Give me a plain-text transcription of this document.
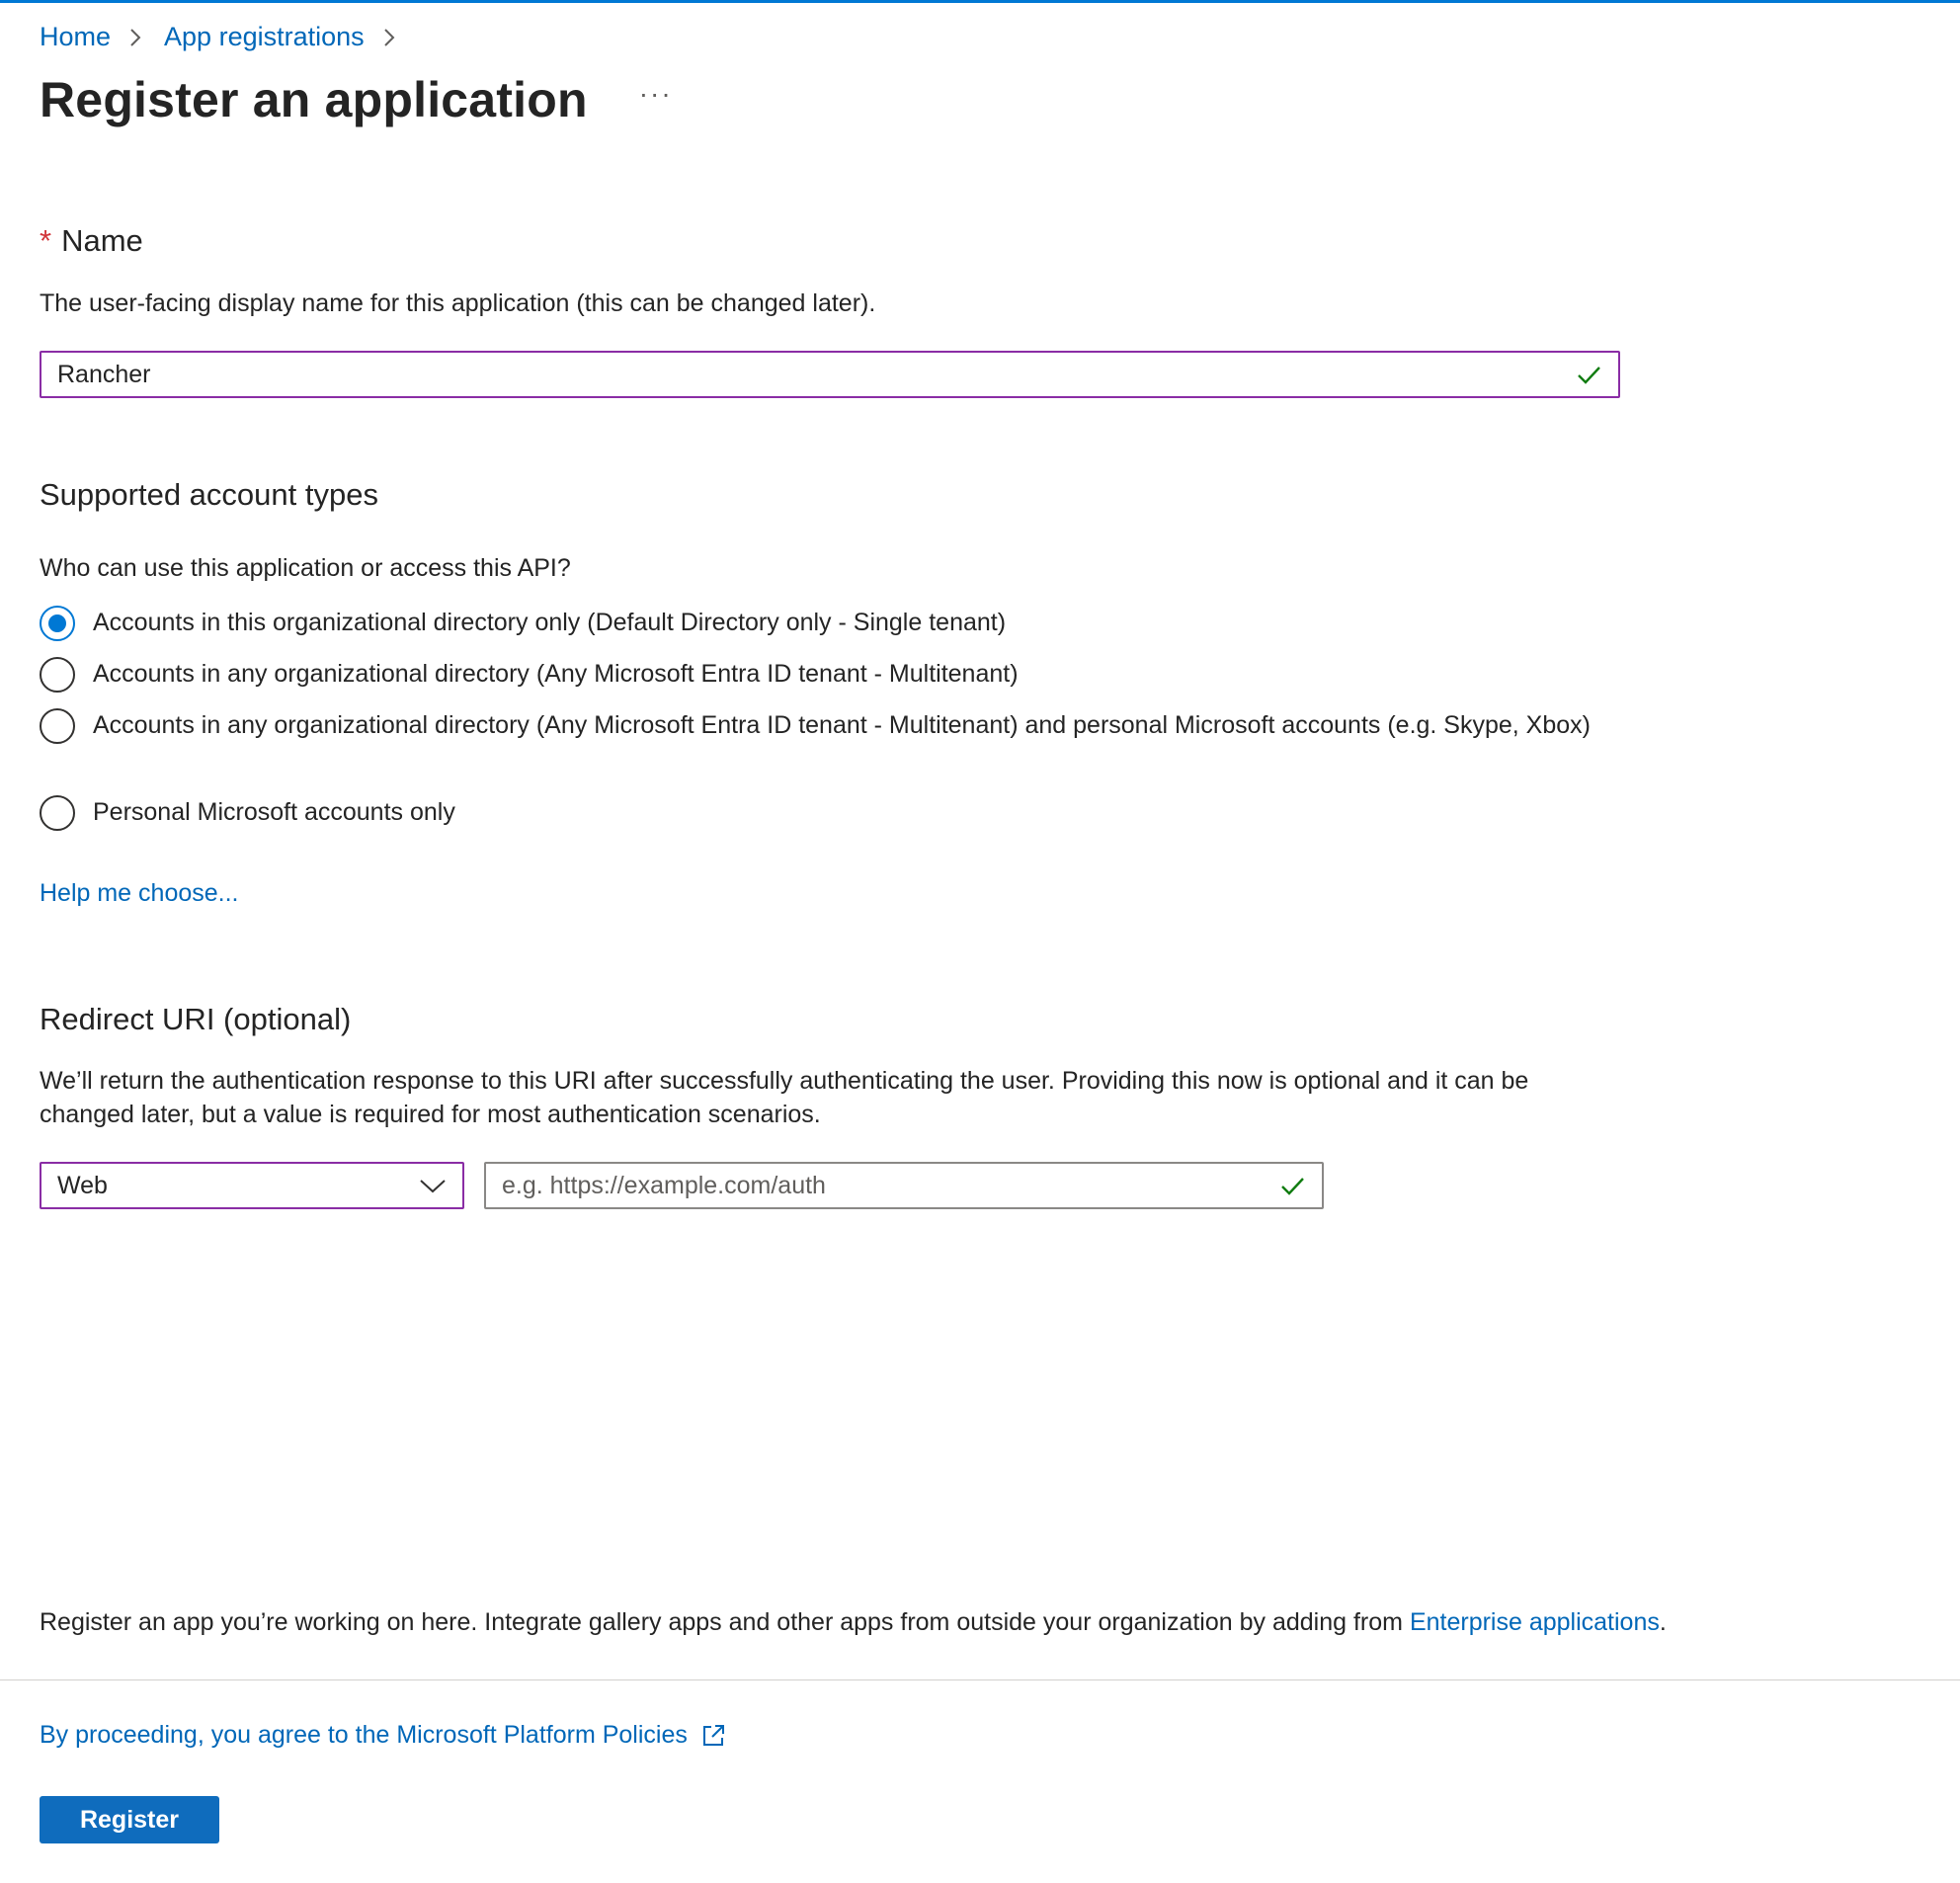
Home App registrations
Register an application ···
* Name
The user-facing display name for this application (this can be changed later).
Rancher
Supported account types
Who can use this application or access this API?
Accounts in this organizational directory only (Default Directory only - Single tenant)
Accounts in any organizational directory (Any Microsoft Entra ID tenant - Multitenant)
Accounts in any organizational directory (Any Microsoft Entra ID tenant - Multitenant) and personal Microsoft accounts (e.g. Skype, Xbox)
Personal Microsoft accounts only
Help me choose...
Redirect URI (optional)
We’ll return the authentication response to this URI after successfully authenticating the user. Providing this now is optional and it can be
changed later, but a value is required for most authentication scenarios.
Web	e.g. https://example.com/auth
Register an app you’re working on here. Integrate gallery apps and other apps from outside your organization by adding from Enterprise applications.
By proceeding, you agree to the Microsoft Platform Policies
Register
